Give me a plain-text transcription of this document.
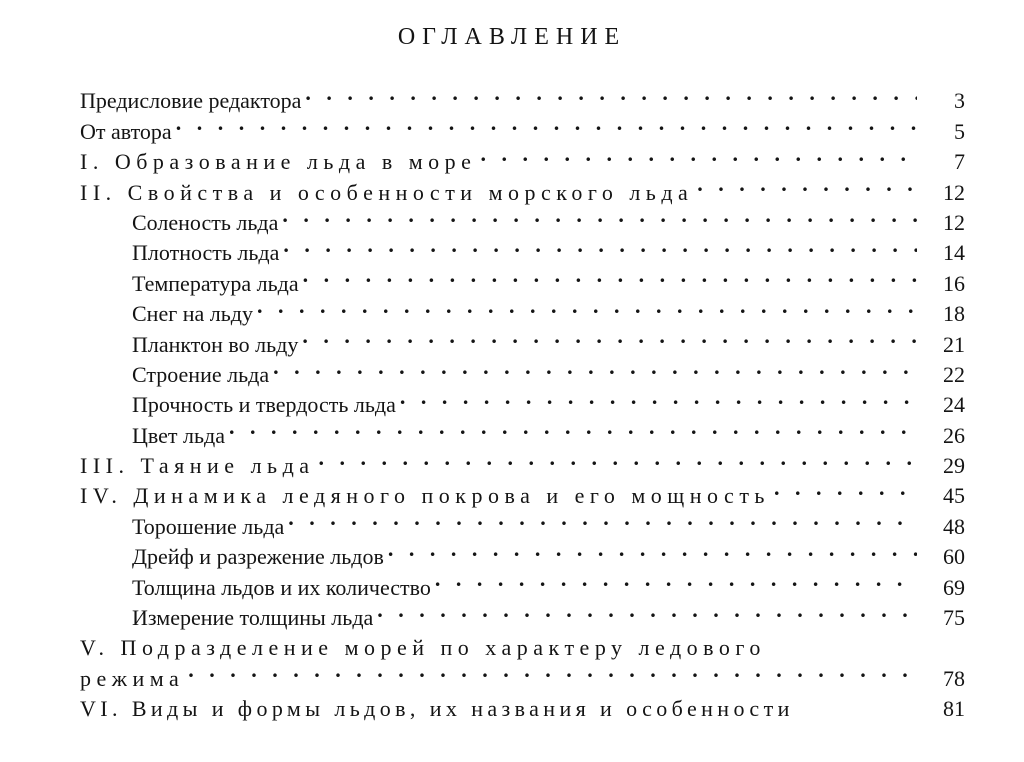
ОГЛАВЛЕНИЕ
Предисловие редактора . . .	3
От автора . . .	5
I. Образование льда в море . . .	7
II. Свойства и особенности морского льда . . .	12
Соленость льда . . .	12
Плотность льда . . .	14
Температура льда . . .	16
Снег на льду . . .	18
Планктон во льду . . .	21
Строение льда . . .	22
Прочность и твердость льда . . .	24
Цвет льда . . .	26
III. Таяние льда . . .	29
IV. Динамика ледяного покрова и его мощность . . .	45
Торошение льда . . .	48
Дрейф и разрежение льдов . . .	60
Толщина льдов и их количество . . .	69
Измерение толщины льда . . .	75
V. Подразделение морей по характеру ледового
режима . . .	78
VI. Виды и формы льдов, их названия и особенности	81
